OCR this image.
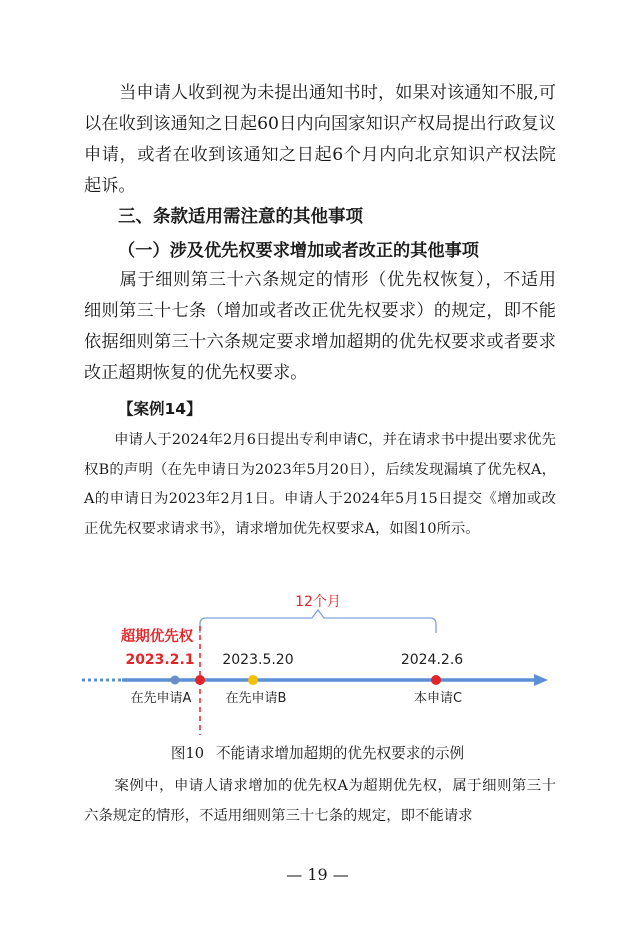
当申请人收到视为未提出通知书时，如果对该通知不服,可以在收到该通知之日起60日内向国家知识产权局提出行政复议申请，或者在收到该通知之日起6个月内向北京知识产权法院起诉。

三、条款适用需注意的其他事项

（一）涉及优先权要求增加或者改正的其他事项

属于细则第三十六条规定的情形（优先权恢复），不适用细则第三十七条（增加或者改正优先权要求）的规定，即不能依据细则第三十六条规定要求增加超期的优先权要求或者要求改正超期恢复的优先权要求。

【案例14】

申请人于2024年2月6日提出专利申请C，并在请求书中提出要求优先权B的声明（在先申请日为2023年5月20日），后续发现漏填了优先权A，A的申请日为2023年2月1日。申请人于2024年5月15日提交《增加或改正优先权要求请求书》，请求增加优先权要求A，如图10所示。

12个月
超期优先权
2023.2.1 2023.5.20	2024.2.6
在先申请A	在先申请B	本申请C

图10 不能请求增加超期的优先权要求的示例

案例中，申请人请求增加的优先权A为超期优先权，属于细则第三十六条规定的情形，不适用细则第三十七条的规定，即不能请求

— 19 —
